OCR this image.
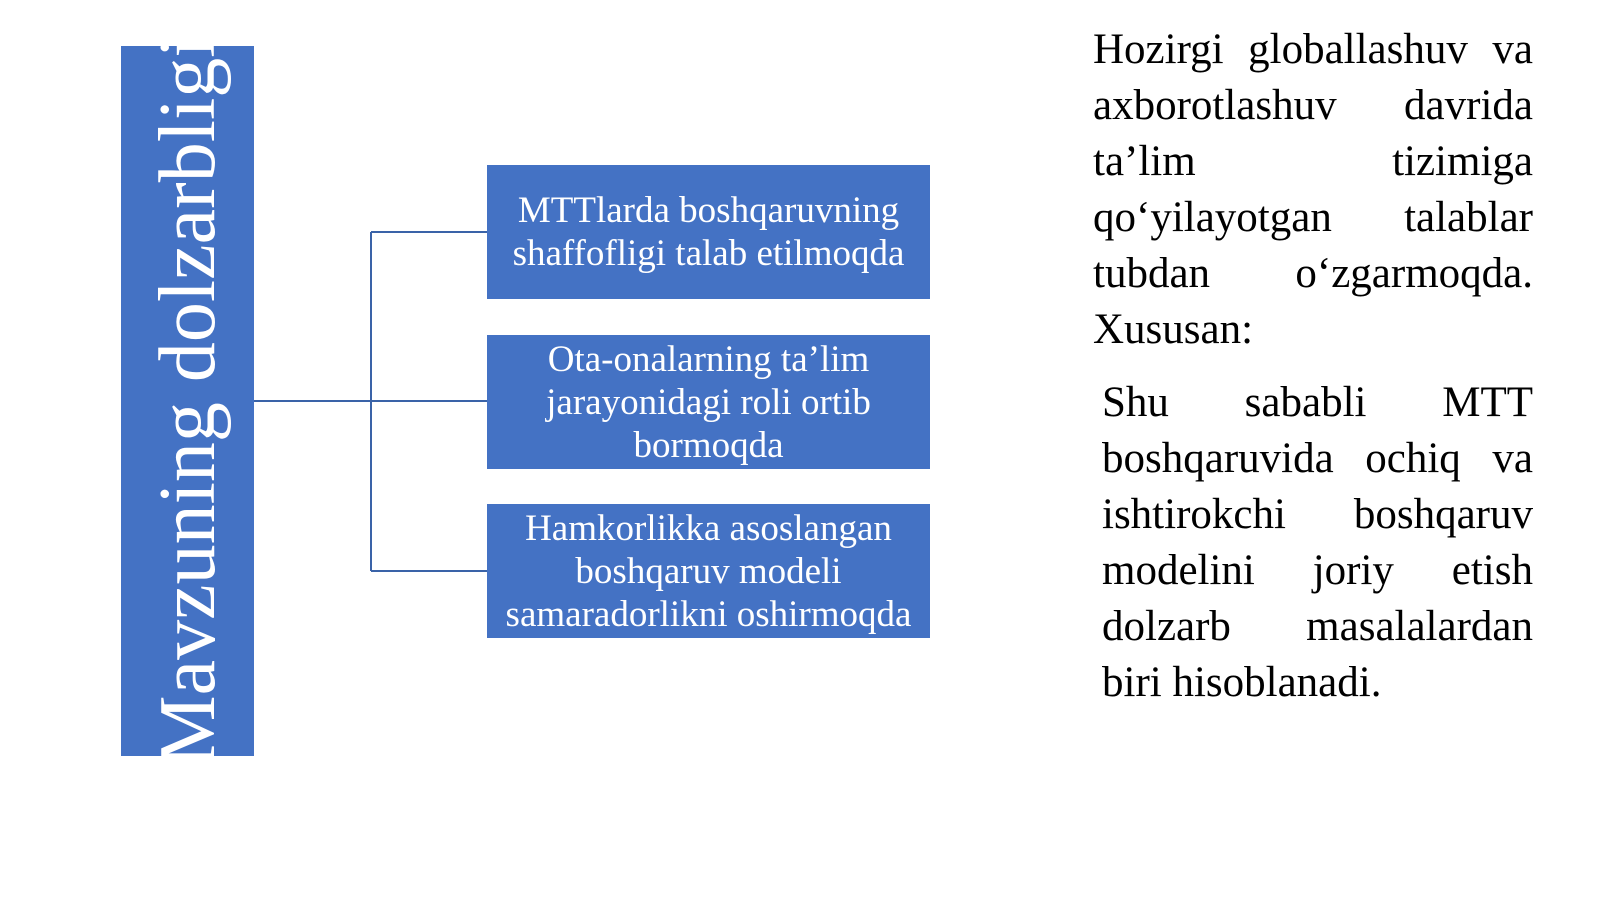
Mavzuning dolzarbligi	MTTlarda boshqaruvning shaffofligi talab etilmoqda
Ota-onalarning ta’lim jarayonidagi roli ortib bormoqda
Hamkorlikka asoslangan boshqaruv modeli samaradorlikni oshirmoqda

Hozirgi globallashuv va axborotlashuv davrida ta’lim tizimiga qo‘yilayotgan talablar tubdan o‘zgarmoqda. Xususan:

Shu sababli MTT boshqaruvida ochiq va ishtirokchi boshqaruv modelini joriy etish dolzarb masalalardan biri hisoblanadi.
